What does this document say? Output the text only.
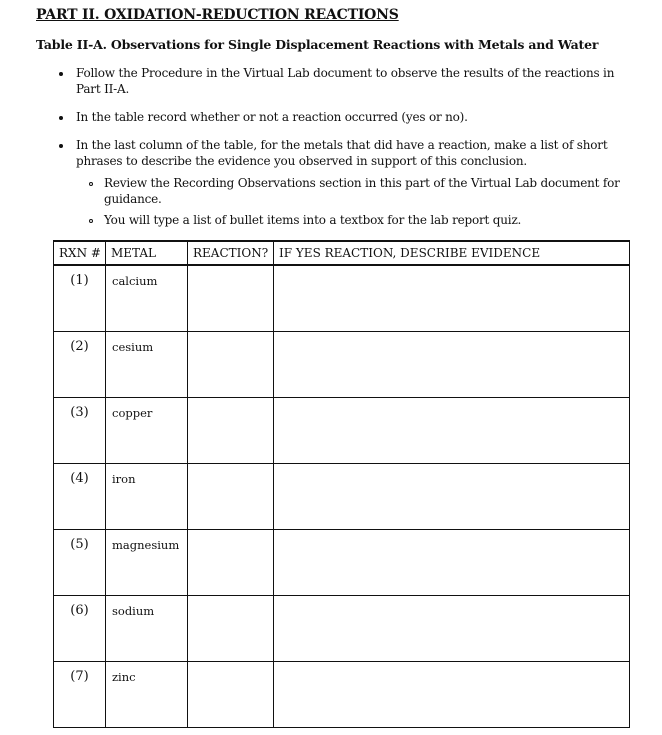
PART II. OXIDATION-REDUCTION REACTIONS
Table II-A. Observations for Single Displacement Reactions with Metals and Water
Follow the Procedure in the Virtual Lab document to observe the results of the reactions in
Part II-A.
In the table record whether or not a reaction occurred (yes or no).
In the last column of the table, for the metals that did have a reaction, make a list of short
phrases to describe the evidence you observed in support of this conclusion.
Review the Recording Observations section in this part of the Virtual Lab document for
guidance.
You will type a list of bullet items into a textbox for the lab report quiz.
RXN #	METAL	REACTION?	IF YES REACTION, DESCRIBE EVIDENCE

(1)	calcium		

(2)	cesium		

(3)	copper		

(4)	iron		

(5)	magnesium		

(6)	sodium		

(7)	zinc		
